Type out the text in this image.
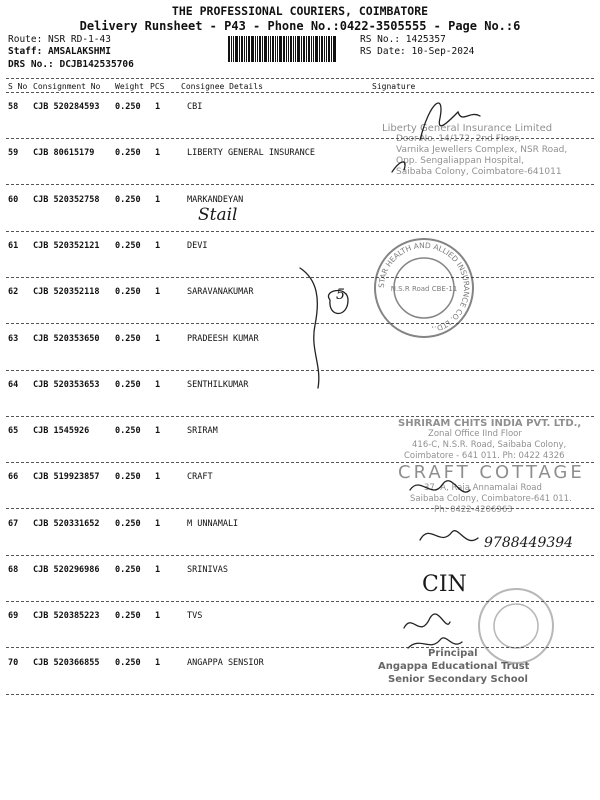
THE PROFESSIONAL COURIERS, COIMBATORE
Delivery Runsheet - P43 - Phone No.:0422-3505555 - Page No.:6
Route: NSR RD-1-43
Staff: AMSALAKSHMI
DRS No.: DCJB142535706
RS No.: 1425357
RS Date: 10-Sep-2024
S No Consignment No Weight PCS Consignee Details	Signature
58 CJB 520284593 0.250 1	CBI
59 CJB 80615179 0.250 1	LIBERTY GENERAL INSURANCE
60 CJB 520352758 0.250 1	MARKANDEYAN
61 CJB 520352121 0.250 1	DEVI
62 CJB 520352118 0.250 1	SARAVANAKUMAR
63 CJB 520353650 0.250 1	PRADEESH KUMAR
64 CJB 520353653 0.250 1	SENTHILKUMAR
65 CJB 1545926	0.250 1	SRIRAM
66 CJB 519923857 0.250 1	CRAFT
67 CJB 520331652 0.250 1	M UNNAMALI
68 CJB 520296986 0.250 1	SRINIVAS
69 CJB 520385223 0.250 1	TVS
70 CJB 520366855 0.250 1	ANGAPPA SENSIOR
Liberty General Insurance Limited
Door No. 14/172, 2nd Floor,
Varnika Jewellers Complex, NSR Road,
Opp. Sengaliappan Hospital,
Saibaba Colony, Coimbatore-641011
STAR HEALTH AND ALLIED INSURANCE CO. LTD.,
N.S.R Road CBE-11
SHRIRAM CHITS INDIA PVT. LTD.,
Zonal Office IInd Floor
416-C, N.S.R. Road, Saibaba Colony,
Coimbatore - 641 011. Ph: 0422 4326
CRAFT COTTAGE
37, A, Raja Annamalai Road
Saibaba Colony, Coimbatore-641 011.
Ph: 0422-4206963
Principal
Angappa Educational Trust
Senior Secondary School
Stail
5
9788449394
CIN
